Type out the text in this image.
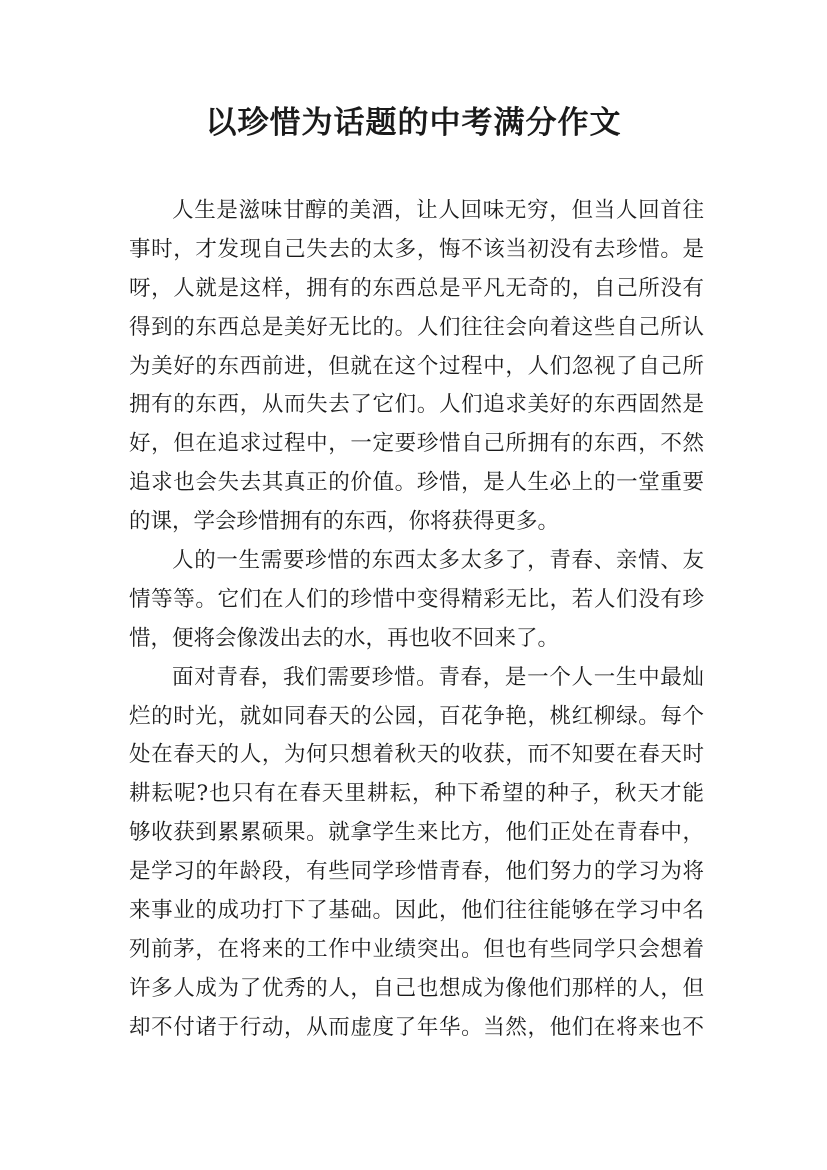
以珍惜为话题的中考满分作文
人生是滋味甘醇的美酒，让人回味无穷，但当人回首往
事时，才发现自己失去的太多，悔不该当初没有去珍惜。是
呀，人就是这样，拥有的东西总是平凡无奇的，自己所没有
得到的东西总是美好无比的。人们往往会向着这些自己所认
为美好的东西前进，但就在这个过程中，人们忽视了自己所
拥有的东西，从而失去了它们。人们追求美好的东西固然是
好，但在追求过程中，一定要珍惜自己所拥有的东西，不然
追求也会失去其真正的价值。珍惜，是人生必上的一堂重要
的课，学会珍惜拥有的东西，你将获得更多。
人的一生需要珍惜的东西太多太多了，青春、亲情、友
情等等。它们在人们的珍惜中变得精彩无比，若人们没有珍
惜，便将会像泼出去的水，再也收不回来了。
面对青春，我们需要珍惜。青春，是一个人一生中最灿
烂的时光，就如同春天的公园，百花争艳，桃红柳绿。每个
处在春天的人，为何只想着秋天的收获，而不知要在春天时
耕耘呢?也只有在春天里耕耘，种下希望的种子，秋天才能
够收获到累累硕果。就拿学生来比方，他们正处在青春中，
是学习的年龄段，有些同学珍惜青春，他们努力的学习为将
来事业的成功打下了基础。因此，他们往往能够在学习中名
列前茅，在将来的工作中业绩突出。但也有些同学只会想着
许多人成为了优秀的人，自己也想成为像他们那样的人，但
却不付诸于行动，从而虚度了年华。当然，他们在将来也不
